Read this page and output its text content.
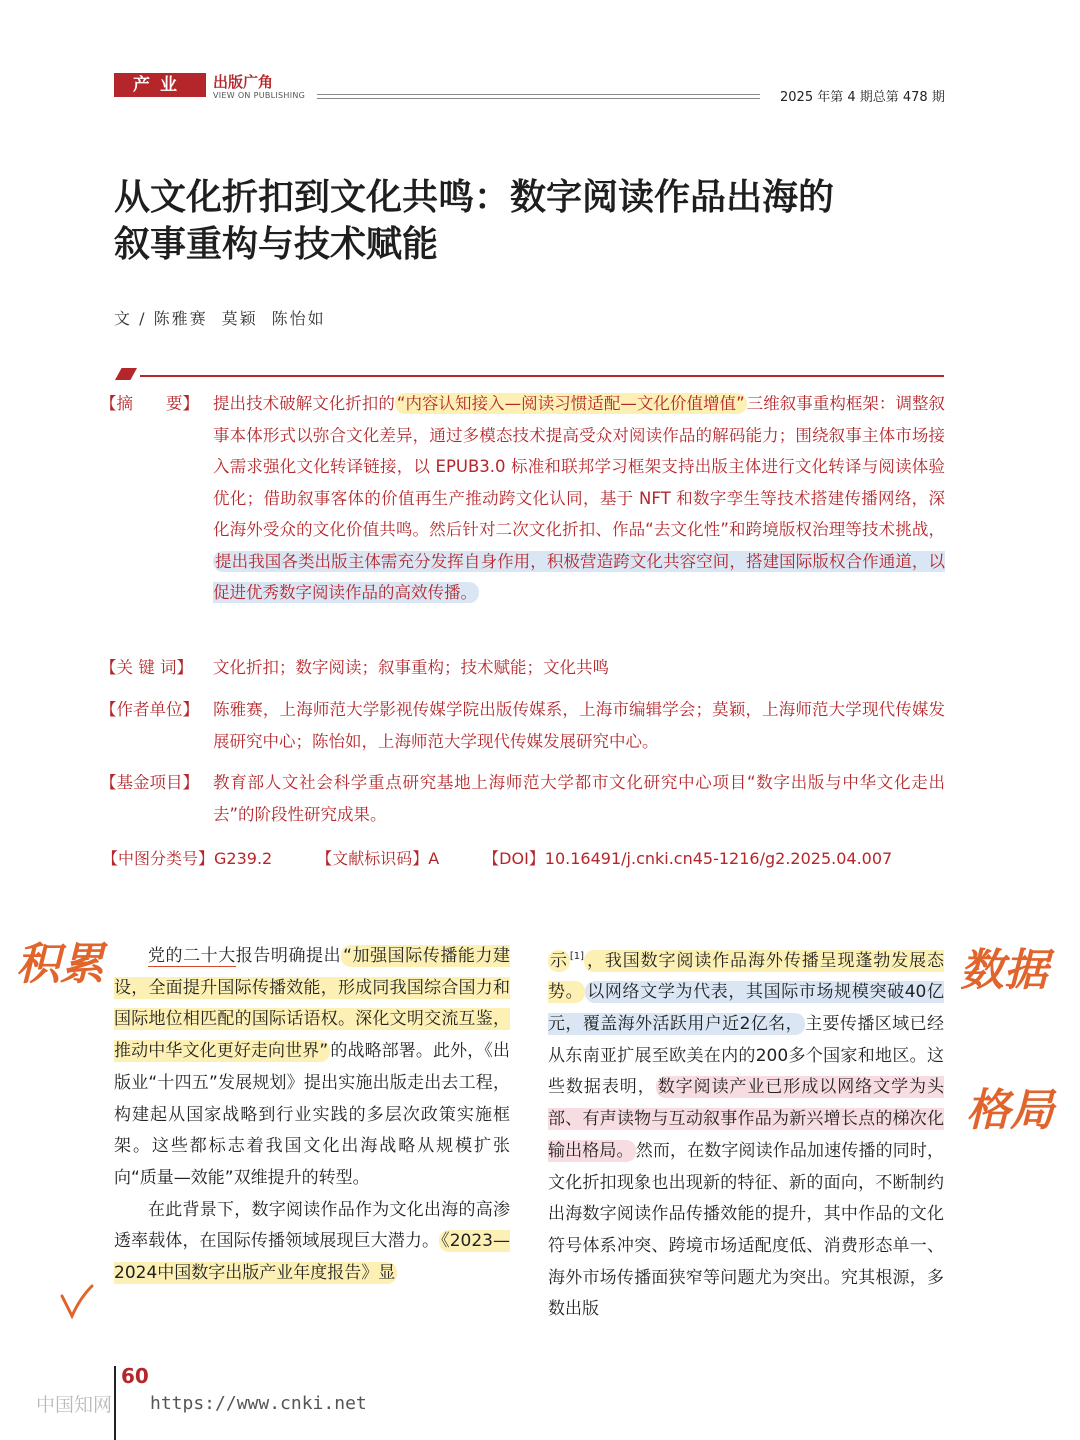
产业	出版广角
VIEW ON PUBLISHING	2025 年第 4 期总第 478 期
从文化折扣到文化共鸣：数字阅读作品出海的
叙事重构与技术赋能
文 / 陈雅赛 莫颖 陈怡如
【摘　　要】 提出技术破解文化折扣的 “内容认知接入—阅读习惯适配—文化价值增值” 三维叙事重构框架：调整叙事本体形式以弥合文化差异，通过多模态技术提高受众对阅读作品的解码能力；围绕叙事主体市场接入需求强化文化转译链接，以 EPUB3.0 标准和联邦学习框架支持出版主体进行文化转译与阅读体验优化；借助叙事客体的价值再生产推动跨文化认同，基于 NFT 和数字孪生等技术搭建传播网络，深化海外受众的文化价值共鸣。然后针对二次文化折扣、作品“去文化性”和跨境版权治理等技术挑战，提出我国各类出版主体需充分发挥自身作用，积极营造跨文化共容空间，搭建国际版权合作通道，以促进优秀数字阅读作品的高效传播。
【关 键 词】	文化折扣；数字阅读；叙事重构；技术赋能；文化共鸣
【作者单位】 陈雅赛，上海师范大学影视传媒学院出版传媒系，上海市编辑学会；莫颖，上海师范大学现代传媒发展研究中心；陈怡如，上海师范大学现代传媒发展研究中心。
【基金项目】 教育部人文社会科学重点研究基地上海师范大学都市文化研究中心项目“数字出版与中华文化走出去”的阶段性研究成果。
【中图分类号】G239.2	【文献标识码】A	【DOI】10.16491/j.cnki.cn45-1216/g2.2025.04.007

党的二十大报告明确提出 “加强国际传播能力建设，全面提升国际传播效能，形成同我国综合国力和国际地位相匹配的国际话语权。深化文明交流互鉴，推动中华文化更好走向世界” 的战略部署。此外，《出版业“十四五”发展规划》提出实施出版走出去工程，构建起从国家战略到行业实践的多层次政策实施框架。这些都标志着我国文化出海战略从规模扩张向“质量—效能”双维提升的转型。

在此背景下，数字阅读作品作为文化出海的高渗透率载体，在国际传播领域展现巨大潜力。 《2023—2024中国数字出版产业年度报告》显

示 [1] ，我国数字阅读作品海外传播呈现蓬勃发展态势。 以网络文学为代表，其国际市场规模突破40亿元，覆盖海外活跃用户近2亿名， 主要传播区域已经从东南亚扩展至欧美在内的200多个国家和地区。这些数据表明， 数字阅读产业已形成以网络文学为头部、有声读物与互动叙事作品为新兴增长点的梯次化输出格局。 然而，在数字阅读作品加速传播的同时，文化折扣现象也出现新的特征、新的面向，不断制约出海数字阅读作品传播效能的提升，其中作品的文化符号体系冲突、跨境市场适配度低、消费形态单一、海外市场传播面狭窄等问题尤为突出。究其根源，多数出版

积累	数据
格局
60
中国知网 https://www.cnki.net
